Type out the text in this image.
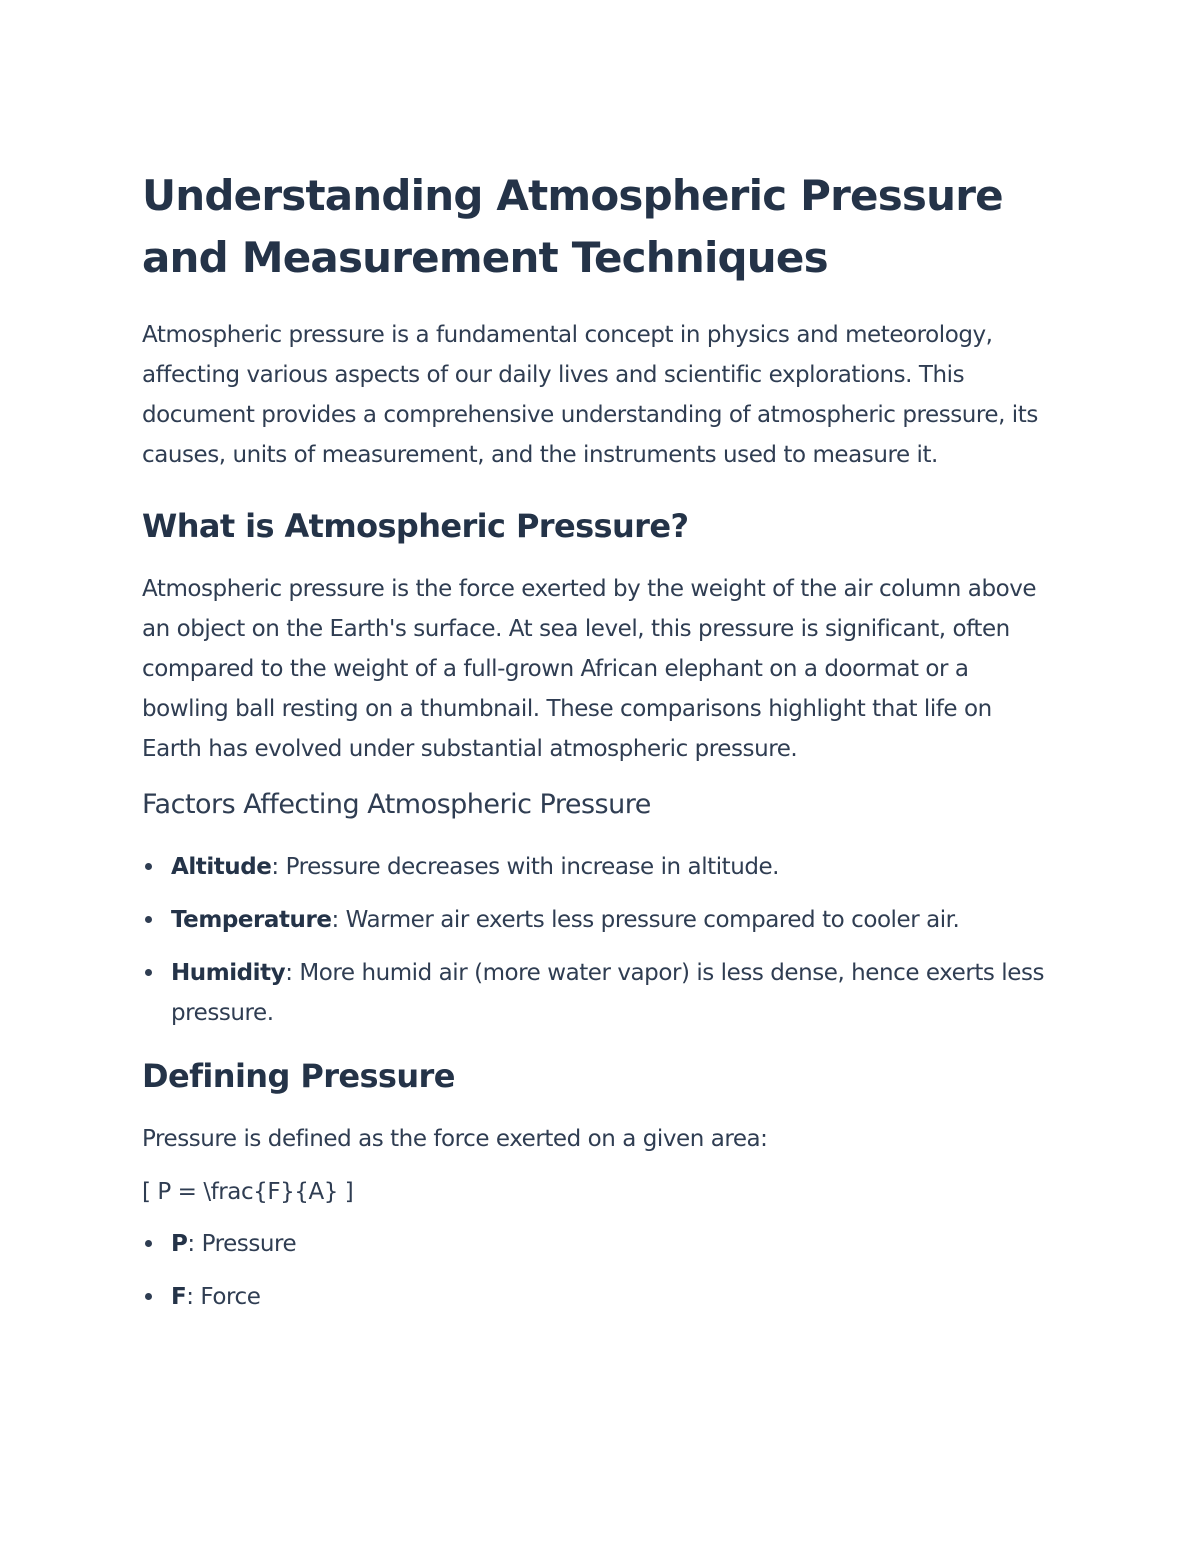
Understanding Atmospheric Pressure and Measurement Techniques

Atmospheric pressure is a fundamental concept in physics and meteorology, affecting various aspects of our daily lives and scientific explorations. This document provides a comprehensive understanding of atmospheric pressure, its causes, units of measurement, and the instruments used to measure it.

What is Atmospheric Pressure?

Atmospheric pressure is the force exerted by the weight of the air column above an object on the Earth's surface. At sea level, this pressure is significant, often compared to the weight of a full-grown African elephant on a doormat or a bowling ball resting on a thumbnail. These comparisons highlight that life on Earth has evolved under substantial atmospheric pressure.

Factors Affecting Atmospheric Pressure
Altitude: Pressure decreases with increase in altitude.
Temperature: Warmer air exerts less pressure compared to cooler air.
Humidity: More humid air (more water vapor) is less dense, hence exerts less pressure.
Defining Pressure

Pressure is defined as the force exerted on a given area:

[ P = \frac{F}{A} ]

P: Pressure
F: Force
